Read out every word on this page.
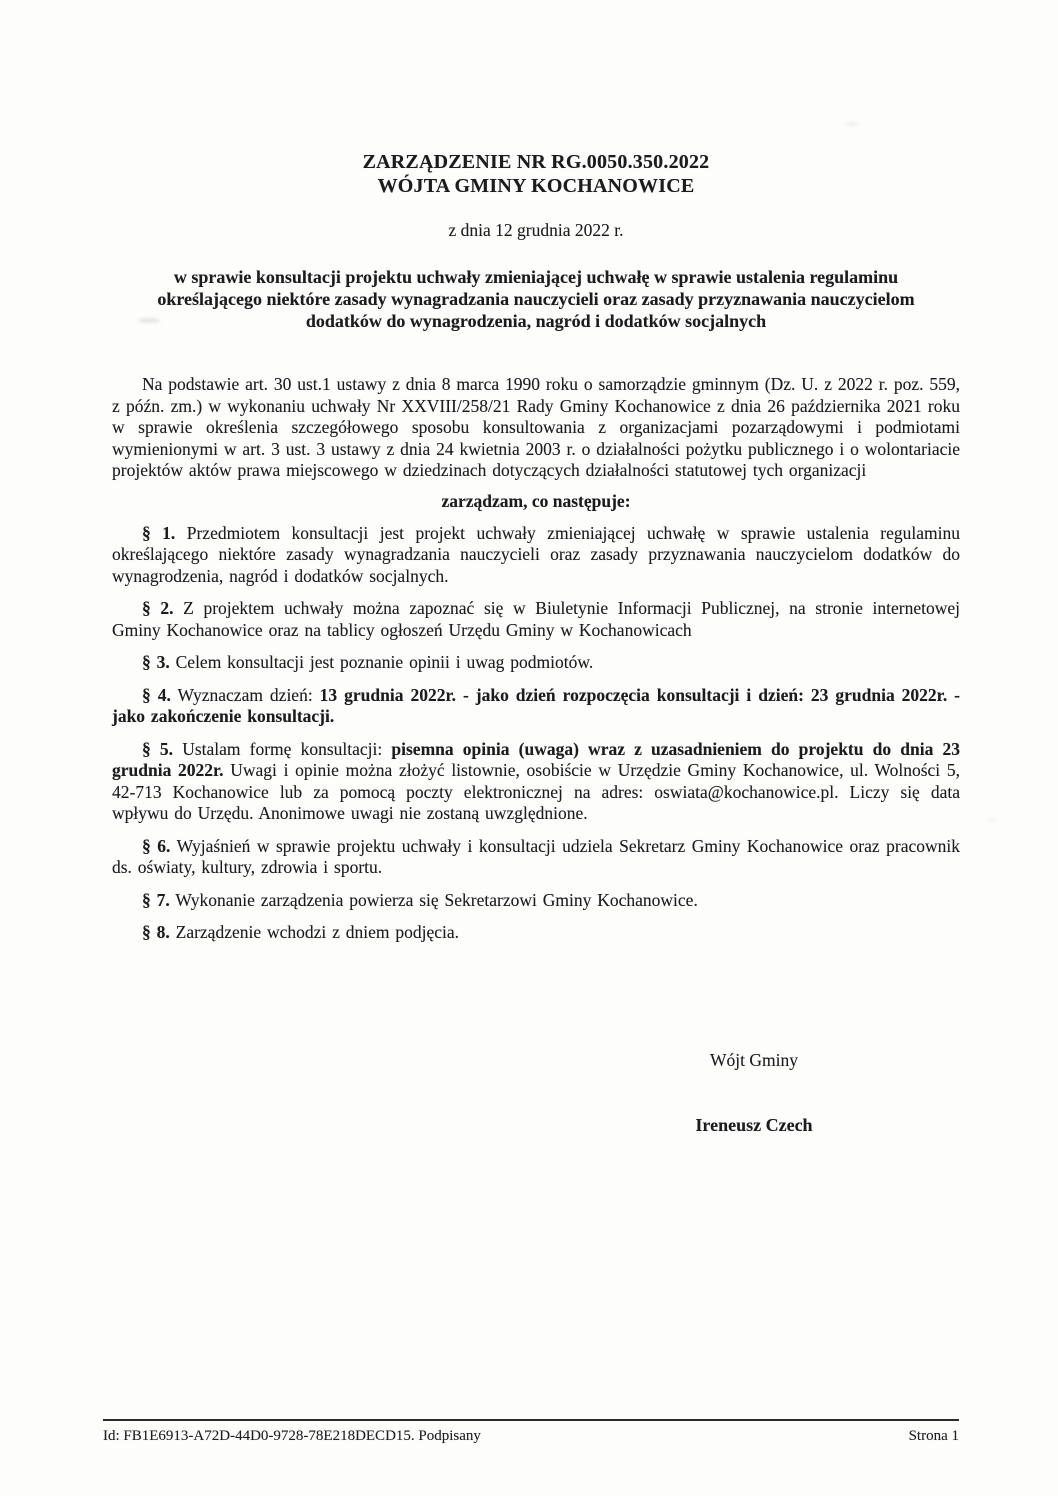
ZARZĄDZENIE NR RG.0050.350.2022
WÓJTA GMINY KOCHANOWICE
z dnia 12 grudnia 2022 r.
w sprawie konsultacji projektu uchwały zmieniającej uchwałę w sprawie ustalenia regulaminu określającego niektóre zasady wynagradzania nauczycieli oraz zasady przyznawania nauczycielom dodatków do wynagrodzenia, nagród i dodatków socjalnych

Na podstawie art. 30 ust.1 ustawy z dnia 8 marca 1990 roku o samorządzie gminnym (Dz. U. z 2022 r. poz. 559, z późn. zm.) w wykonaniu uchwały Nr XXVIII/258/21 Rady Gminy Kochanowice z dnia 26 października 2021 roku w sprawie określenia szczegółowego sposobu konsultowania z organizacjami pozarządowymi i podmiotami wymienionymi w art. 3 ust. 3 ustawy z dnia 24 kwietnia 2003 r. o działalności pożytku publicznego i o wolontariacie projektów aktów prawa miejscowego w dziedzinach dotyczących działalności statutowej tych organizacji

zarządzam, co następuje:

§ 1. Przedmiotem konsultacji jest projekt uchwały zmieniającej uchwałę w sprawie ustalenia regulaminu określającego niektóre zasady wynagradzania nauczycieli oraz zasady przyznawania nauczycielom dodatków do wynagrodzenia, nagród i dodatków socjalnych.

§ 2. Z projektem uchwały można zapoznać się w Biuletynie Informacji Publicznej, na stronie internetowej Gminy Kochanowice oraz na tablicy ogłoszeń Urzędu Gminy w Kochanowicach

§ 3. Celem konsultacji jest poznanie opinii i uwag podmiotów.

§ 4. Wyznaczam dzień: 13 grudnia 2022r. - jako dzień rozpoczęcia konsultacji i dzień: 23 grudnia 2022r. - jako zakończenie konsultacji.

§ 5. Ustalam formę konsultacji: pisemna opinia (uwaga) wraz z uzasadnieniem do projektu do dnia 23 grudnia 2022r. Uwagi i opinie można złożyć listownie, osobiście w Urzędzie Gminy Kochanowice, ul. Wolności 5, 42-713 Kochanowice lub za pomocą poczty elektronicznej na adres: oswiata@kochanowice.pl. Liczy się data wpływu do Urzędu. Anonimowe uwagi nie zostaną uwzględnione.

§ 6. Wyjaśnień w sprawie projektu uchwały i konsultacji udziela Sekretarz Gminy Kochanowice oraz pracownik ds. oświaty, kultury, zdrowia i sportu.

§ 7. Wykonanie zarządzenia powierza się Sekretarzowi Gminy Kochanowice.

§ 8. Zarządzenie wchodzi z dniem podjęcia.

Wójt Gminy
Ireneusz Czech
Id: FB1E6913-A72D-44D0-9728-78E218DECD15. Podpisany	Strona 1
